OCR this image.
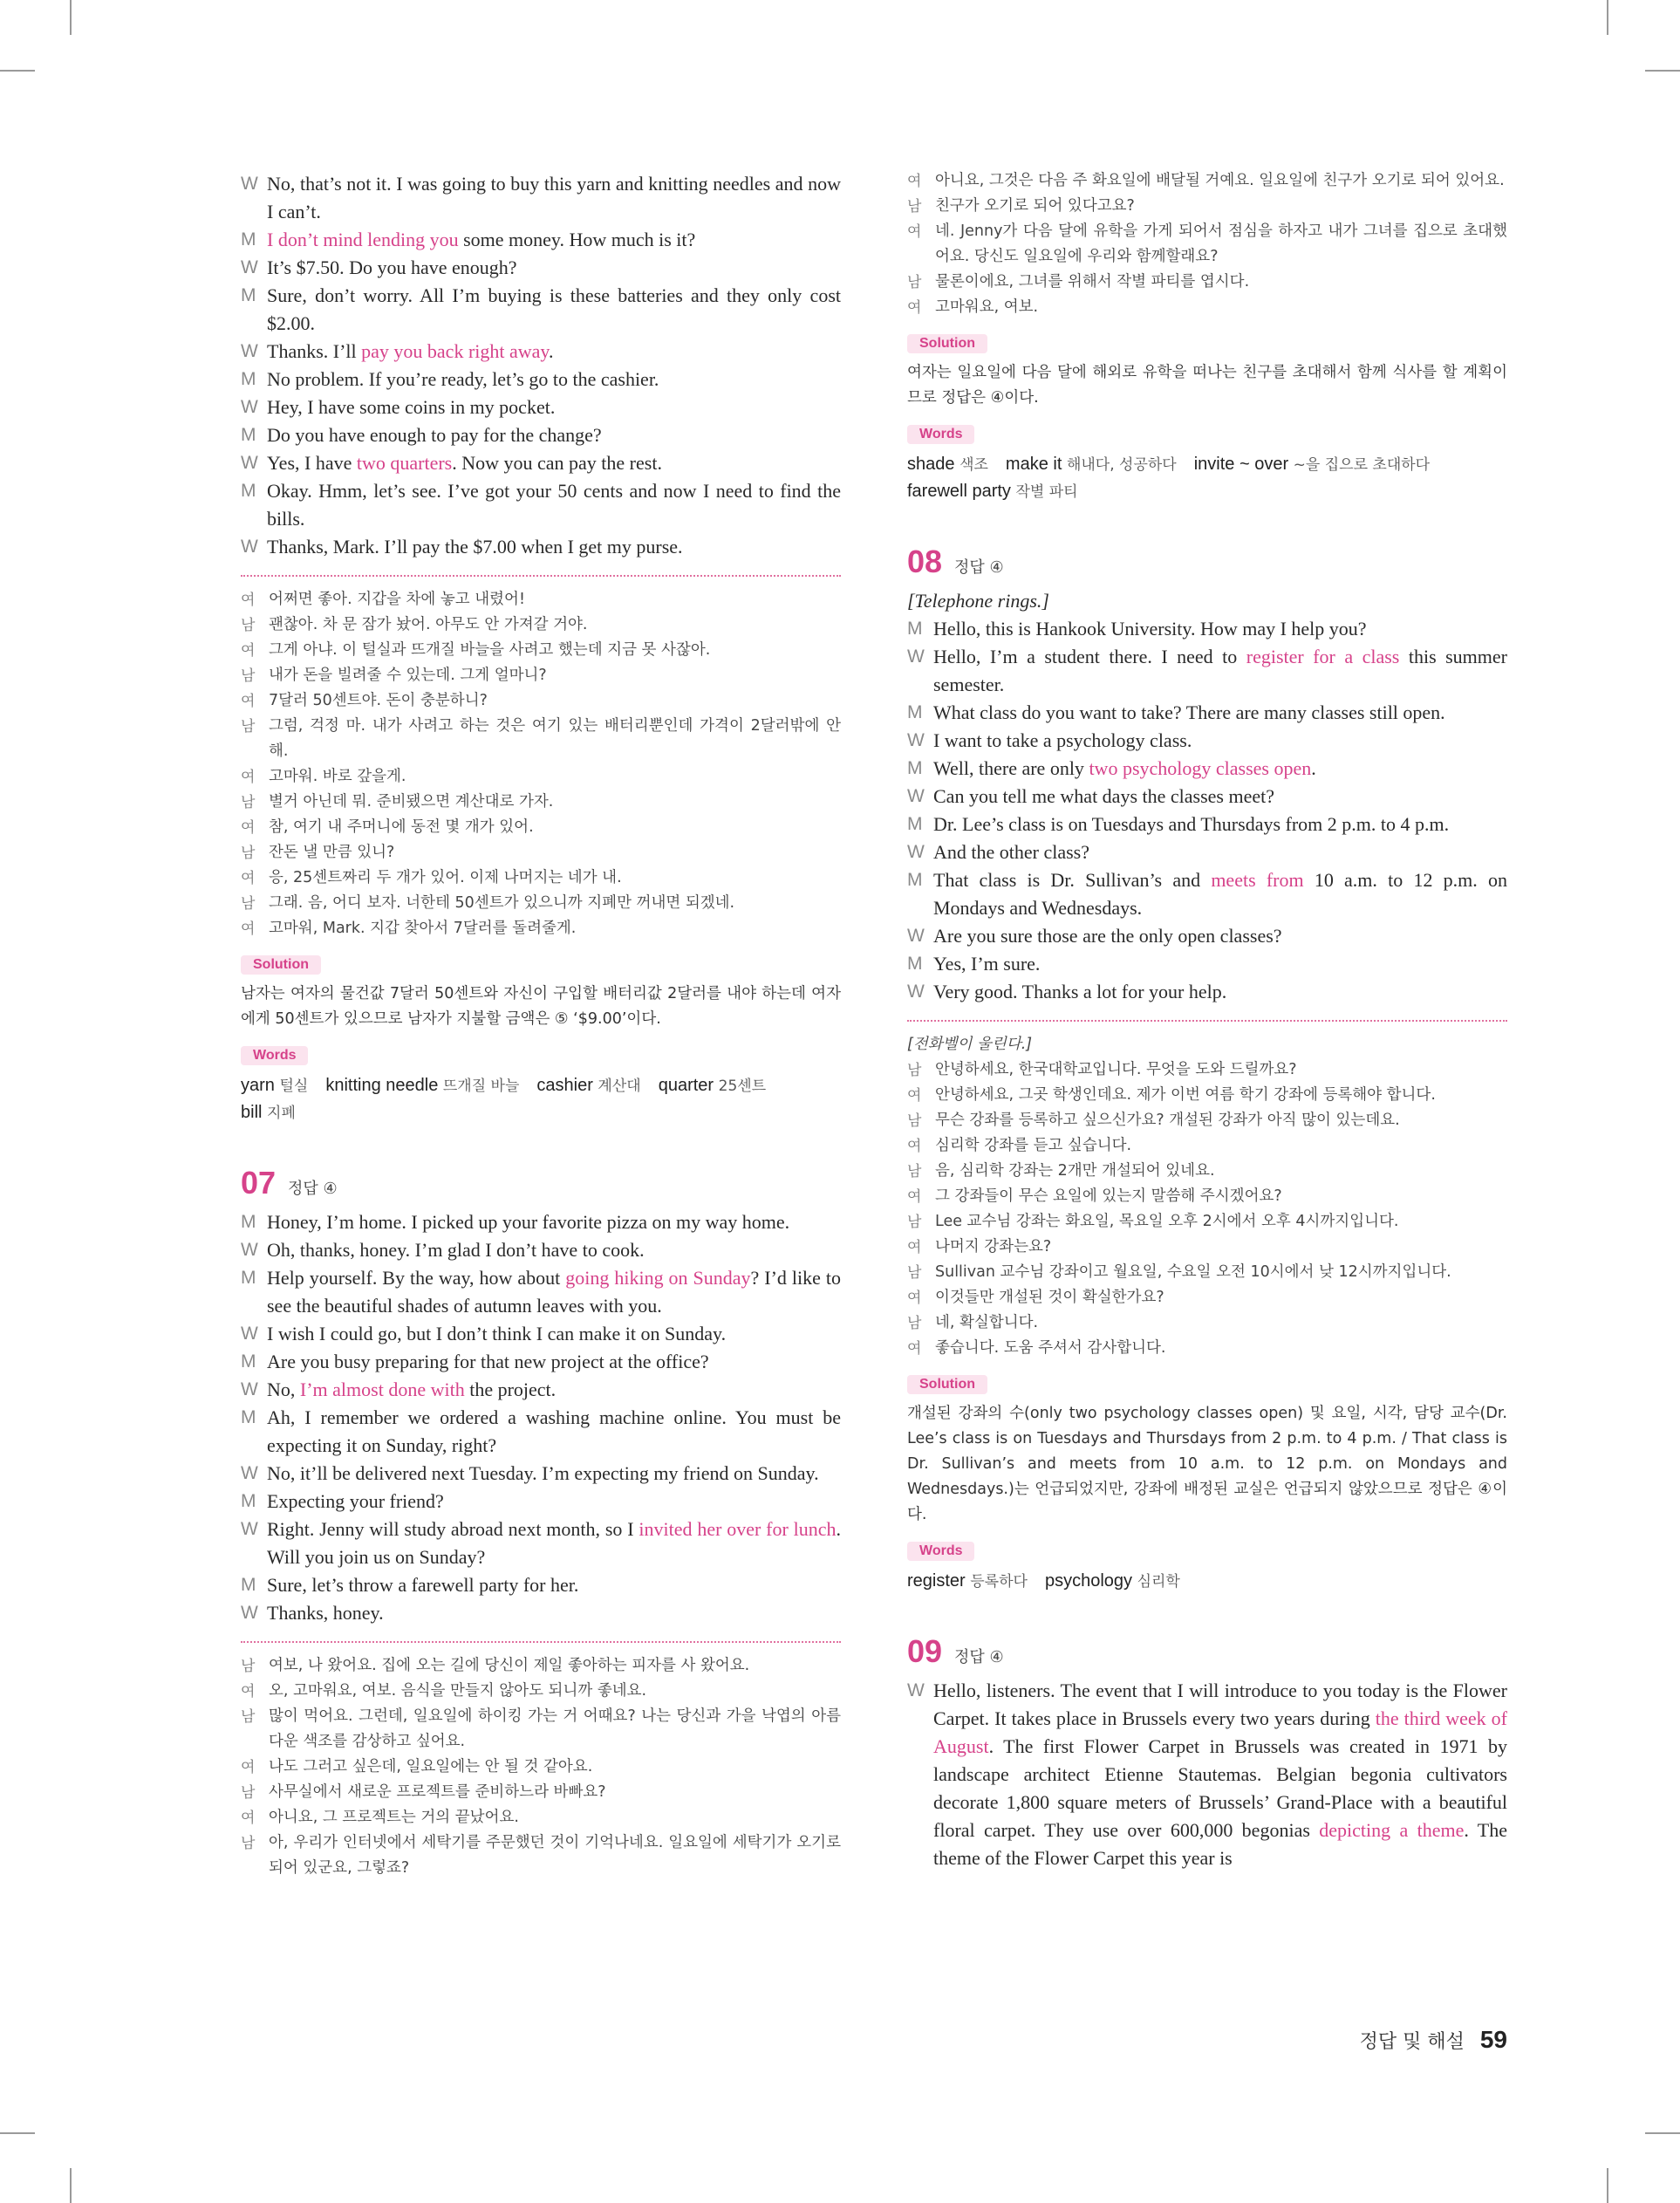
W No, that’s not it. I was going to buy this yarn and knitting needles and now I can’t.
M I don’t mind lending you some money. How much is it?
W It’s $7.50. Do you have enough?
M Sure, don’t worry. All I’m buying is these batteries and they only cost $2.00.
W Thanks. I’ll pay you back right away.
M No problem. If you’re ready, let’s go to the cashier.
W Hey, I have some coins in my pocket.
M Do you have enough to pay for the change?
W Yes, I have two quarters. Now you can pay the rest.
M Okay. Hmm, let’s see. I’ve got your 50 cents and now I need to find the bills.
W Thanks, Mark. I’ll pay the $7.00 when I get my purse.
여 어쩌면 좋아. 지갑을 차에 놓고 내렸어!
남 괜찮아. 차 문 잠가 놨어. 아무도 안 가져갈 거야.
여 그게 아냐. 이 털실과 뜨개질 바늘을 사려고 했는데 지금 못 사잖아.
남 내가 돈을 빌려줄 수 있는데. 그게 얼마니?
여 7달러 50센트야. 돈이 충분하니?
남 그럼, 걱정 마. 내가 사려고 하는 것은 여기 있는 배터리뿐인데 가격이 2달러밖에 안 해.
여 고마워. 바로 갚을게.
남 별거 아닌데 뭐. 준비됐으면 계산대로 가자.
여 참, 여기 내 주머니에 동전 몇 개가 있어.
남 잔돈 낼 만큼 있니?
여 응, 25센트짜리 두 개가 있어. 이제 나머지는 네가 내.
남 그래. 음, 어디 보자. 너한테 50센트가 있으니까 지폐만 꺼내면 되겠네.
여 고마워, Mark. 지갑 찾아서 7달러를 돌려줄게.
Solution
남자는 여자의 물건값 7달러 50센트와 자신이 구입할 배터리값 2달러를 내야 하는데 여자에게 50센트가 있으므로 남자가 지불할 금액은 ⑤ ‘$9.00’이다.
Words
yarn 털실  knitting needle 뜨개질 바늘  cashier 계산대  quarter 25센트
bill 지폐
07 정답 ④
M Honey, I’m home. I picked up your favorite pizza on my way home.
W Oh, thanks, honey. I’m glad I don’t have to cook.
M Help yourself. By the way, how about going hiking on Sunday? I’d like to see the beautiful shades of autumn leaves with you.
W I wish I could go, but I don’t think I can make it on Sunday.
M Are you busy preparing for that new project at the office?
W No, I’m almost done with the project.
M Ah, I remember we ordered a washing machine online. You must be expecting it on Sunday, right?
W No, it’ll be delivered next Tuesday. I’m expecting my friend on Sunday.
M Expecting your friend?
W Right. Jenny will study abroad next month, so I invited her over for lunch. Will you join us on Sunday?
M Sure, let’s throw a farewell party for her.
W Thanks, honey.
남 여보, 나 왔어요. 집에 오는 길에 당신이 제일 좋아하는 피자를 사 왔어요.
여 오, 고마워요, 여보. 음식을 만들지 않아도 되니까 좋네요.
남 많이 먹어요. 그런데, 일요일에 하이킹 가는 거 어때요? 나는 당신과 가을 낙엽의 아름다운 색조를 감상하고 싶어요.
여 나도 그러고 싶은데, 일요일에는 안 될 것 같아요.
남 사무실에서 새로운 프로젝트를 준비하느라 바빠요?
여 아니요, 그 프로젝트는 거의 끝났어요.
남 아, 우리가 인터넷에서 세탁기를 주문했던 것이 기억나네요. 일요일에 세탁기가 오기로 되어 있군요, 그렇죠?
여 아니요, 그것은 다음 주 화요일에 배달될 거예요. 일요일에 친구가 오기로 되어 있어요.
남 친구가 오기로 되어 있다고요?
여 네. Jenny가 다음 달에 유학을 가게 되어서 점심을 하자고 내가 그녀를 집으로 초대했어요. 당신도 일요일에 우리와 함께할래요?
남 물론이에요, 그녀를 위해서 작별 파티를 엽시다.
여 고마워요, 여보.
Solution
여자는 일요일에 다음 달에 해외로 유학을 떠나는 친구를 초대해서 함께 식사를 할 계획이므로 정답은 ④이다.
Words
shade 색조  make it 해내다, 성공하다  invite ~ over ~을 집으로 초대하다
farewell party 작별 파티
08 정답 ④
[Telephone rings.]
M Hello, this is Hankook University. How may I help you?
W Hello, I’m a student there. I need to register for a class this summer semester.
M What class do you want to take? There are many classes still open.
W I want to take a psychology class.
M Well, there are only two psychology classes open.
W Can you tell me what days the classes meet?
M Dr. Lee’s class is on Tuesdays and Thursdays from 2 p.m. to 4 p.m.
W And the other class?
M That class is Dr. Sullivan’s and meets from 10 a.m. to 12 p.m. on Mondays and Wednesdays.
W Are you sure those are the only open classes?
M Yes, I’m sure.
W Very good. Thanks a lot for your help.
[전화벨이 울린다.]
남 안녕하세요, 한국대학교입니다. 무엇을 도와 드릴까요?
여 안녕하세요, 그곳 학생인데요. 제가 이번 여름 학기 강좌에 등록해야 합니다.
남 무슨 강좌를 등록하고 싶으신가요? 개설된 강좌가 아직 많이 있는데요.
여 심리학 강좌를 듣고 싶습니다.
남 음, 심리학 강좌는 2개만 개설되어 있네요.
여 그 강좌들이 무슨 요일에 있는지 말씀해 주시겠어요?
남 Lee 교수님 강좌는 화요일, 목요일 오후 2시에서 오후 4시까지입니다.
여 나머지 강좌는요?
남 Sullivan 교수님 강좌이고 월요일, 수요일 오전 10시에서 낮 12시까지입니다.
여 이것들만 개설된 것이 확실한가요?
남 네, 확실합니다.
여 좋습니다. 도움 주셔서 감사합니다.
Solution
개설된 강좌의 수(only two psychology classes open) 및 요일, 시각, 담당 교수(Dr. Lee’s class is on Tuesdays and Thursdays from 2 p.m. to 4 p.m. / That class is Dr. Sullivan’s and meets from 10 a.m. to 12 p.m. on Mondays and Wednesdays.)는 언급되었지만, 강좌에 배정된 교실은 언급되지 않았으므로 정답은 ④이다.
Words
register 등록하다  psychology 심리학
09 정답 ④
W Hello, listeners. The event that I will introduce to you today is the Flower Carpet. It takes place in Brussels every two years during the third week of August. The first Flower Carpet in Brussels was created in 1971 by landscape architect Etienne Stautemas. Belgian begonia cultivators decorate 1,800 square meters of Brussels’ Grand-Place with a beautiful floral carpet. They use over 600,000 begonias depicting a theme. The theme of the Flower Carpet this year is
정답 및 해설 59
